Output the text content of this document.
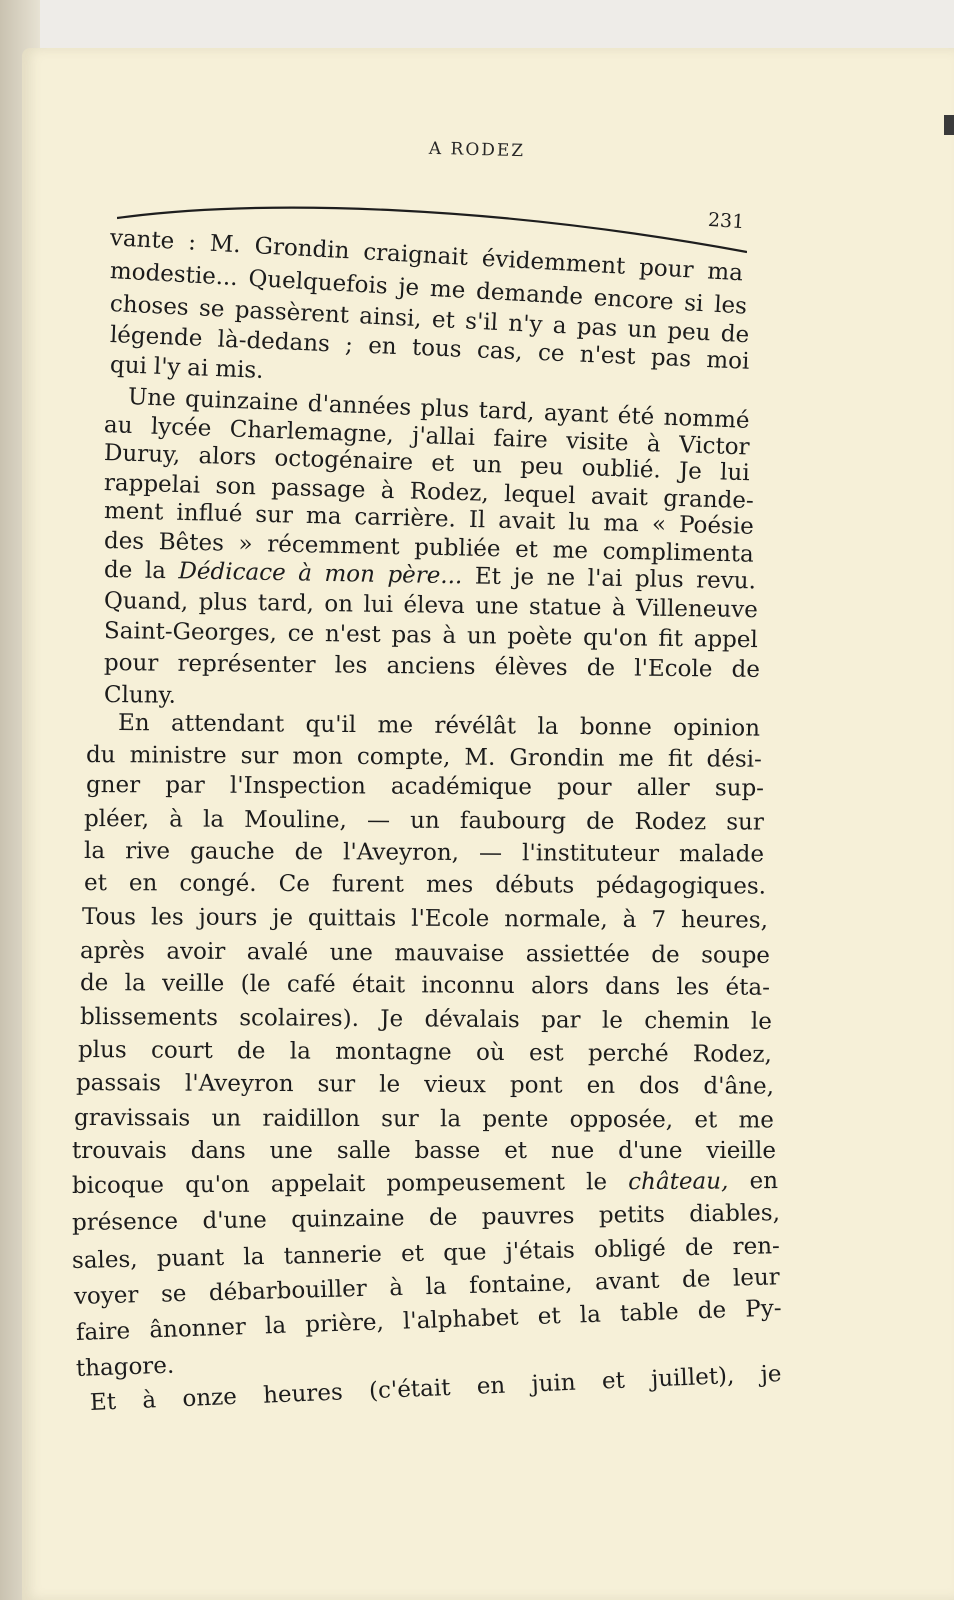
A RODEZ
231
vante : M. Grondin craignait évidemment pour ma
modestie... Quelquefois je me demande encore si les
choses se passèrent ainsi, et s'il n'y a pas un peu de
légende là-dedans ; en tous cas, ce n'est pas moi
qui l'y ai mis.
Une quinzaine d'années plus tard, ayant été nommé
au lycée Charlemagne, j'allai faire visite à Victor
Duruy, alors octogénaire et un peu oublié. Je lui
rappelai son passage à Rodez, lequel avait grande-
ment influé sur ma carrière. Il avait lu ma « Poésie
des Bêtes » récemment publiée et me complimenta
de la Dédicace à mon père... Et je ne l'ai plus revu.
Quand, plus tard, on lui éleva une statue à Villeneuve
Saint-Georges, ce n'est pas à un poète qu'on fit appel
pour représenter les anciens élèves de l'Ecole de
Cluny.
En attendant qu'il me révélât la bonne opinion
du ministre sur mon compte, M. Grondin me fit dési-
gner par l'Inspection académique pour aller sup-
pléer, à la Mouline, — un faubourg de Rodez sur
la rive gauche de l'Aveyron, — l'instituteur malade
et en congé. Ce furent mes débuts pédagogiques.
Tous les jours je quittais l'Ecole normale, à 7 heures,
après avoir avalé une mauvaise assiettée de soupe
de la veille (le café était inconnu alors dans les éta-
blissements scolaires). Je dévalais par le chemin le
plus court de la montagne où est perché Rodez,
passais l'Aveyron sur le vieux pont en dos d'âne,
gravissais un raidillon sur la pente opposée, et me
trouvais dans une salle basse et nue d'une vieille
bicoque qu'on appelait pompeusement le château, en
présence d'une quinzaine de pauvres petits diables,
sales, puant la tannerie et que j'étais obligé de ren-
voyer se débarbouiller à la fontaine, avant de leur
faire ânonner la prière, l'alphabet et la table de Py-
thagore.
Et à onze heures (c'était en juin et juillet), je
